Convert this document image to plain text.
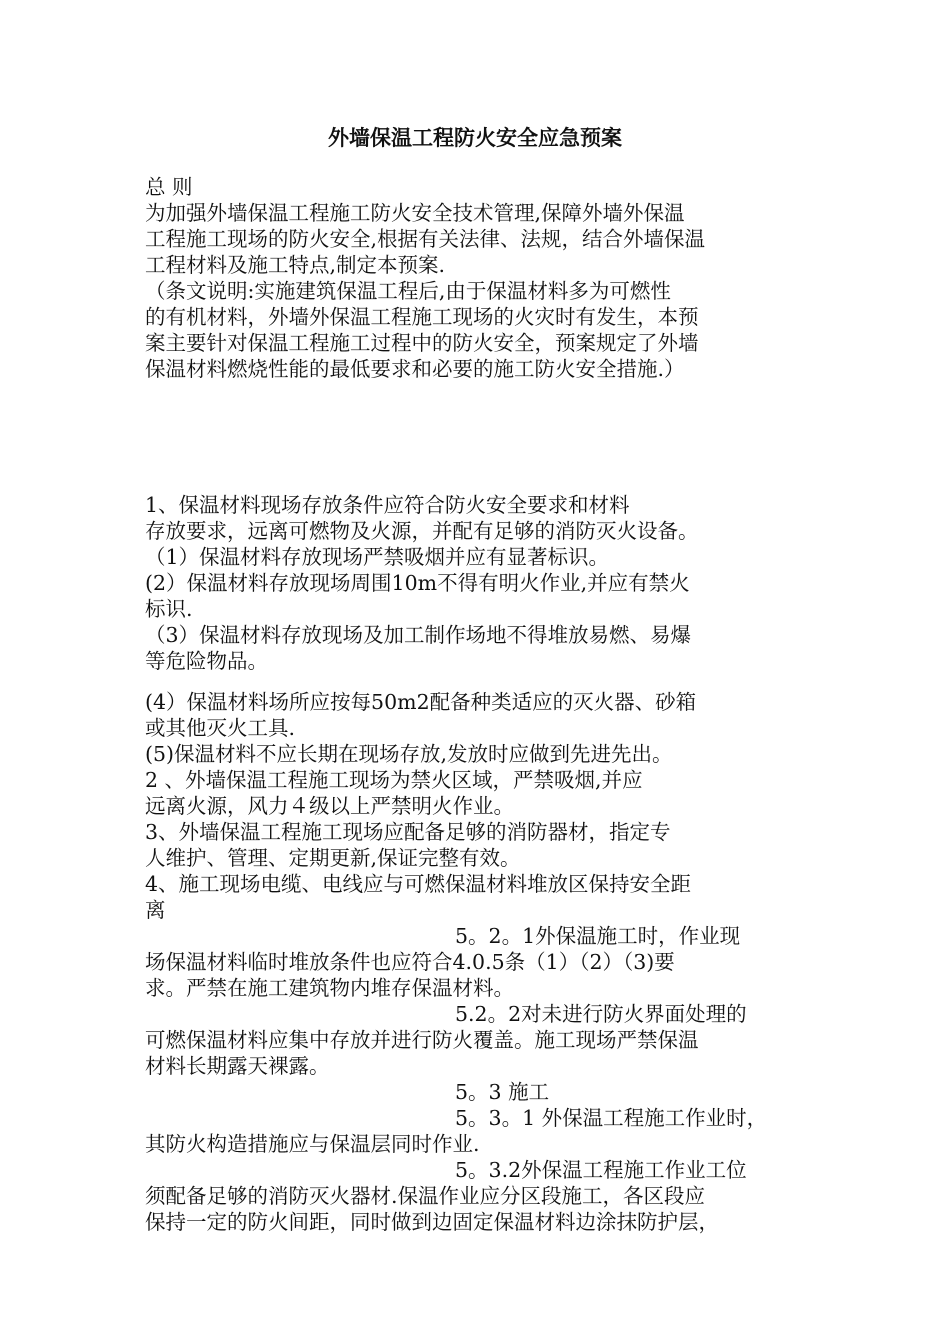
外墙保温工程防火安全应急预案
总 则
为加强外墙保温工程施工防火安全技术管理,保障外墙外保温
工程施工现场的防火安全,根据有关法律、法规，结合外墙保温
工程材料及施工特点,制定本预案.
（条文说明:实施建筑保温工程后,由于保温材料多为可燃性
的有机材料，外墙外保温工程施工现场的火灾时有发生，本预
案主要针对保温工程施工过程中的防火安全，预案规定了外墙
保温材料燃烧性能的最低要求和必要的施工防火安全措施.）
1、保温材料现场存放条件应符合防火安全要求和材料
存放要求，远离可燃物及火源，并配有足够的消防灭火设备。
（1）保温材料存放现场严禁吸烟并应有显著标识。
(2）保温材料存放现场周围10m不得有明火作业,并应有禁火
标识.
（3）保温材料存放现场及加工制作场地不得堆放易燃、易爆
等危险物品。
(4）保温材料场所应按每50m2配备种类适应的灭火器、砂箱
或其他灭火工具.
(5)保温材料不应长期在现场存放,发放时应做到先进先出。
2 、外墙保温工程施工现场为禁火区域，严禁吸烟,并应
远离火源，风力４级以上严禁明火作业。
3、外墙保温工程施工现场应配备足够的消防器材，指定专
人维护、管理、定期更新,保证完整有效。
4、施工现场电缆、电线应与可燃保温材料堆放区保持安全距
离
5。2。1外保温施工时，作业现
场保温材料临时堆放条件也应符合4.0.5条（1）（2）（3)要
求。严禁在施工建筑物内堆存保温材料。
5.2。2对未进行防火界面处理的
可燃保温材料应集中存放并进行防火覆盖。施工现场严禁保温
材料长期露天裸露。
5。3 施工
5。3。1 外保温工程施工作业时，
其防火构造措施应与保温层同时作业.
5。3.2外保温工程施工作业工位
须配备足够的消防灭火器材.保温作业应分区段施工，各区段应
保持一定的防火间距，同时做到边固定保温材料边涂抹防护层，
